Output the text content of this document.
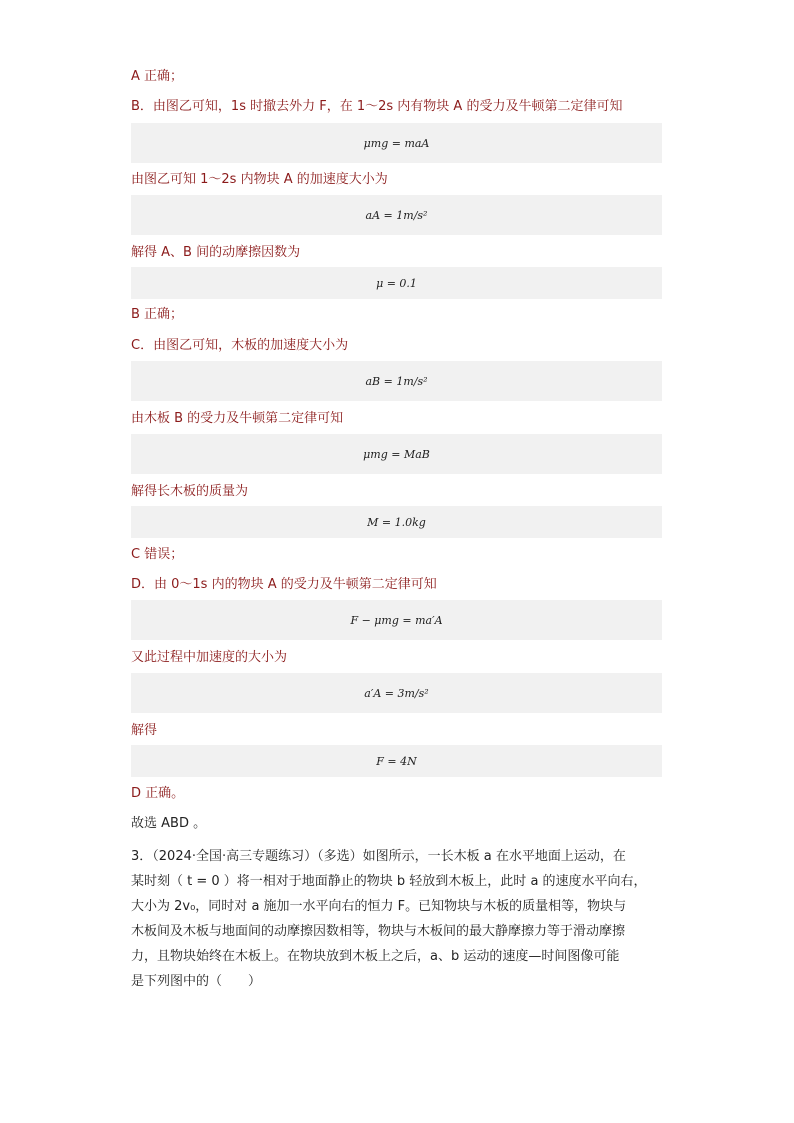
A 正确；
B．由图乙可知，1s 时撤去外力 F，在 1～2s 内有物块 A 的受力及牛顿第二定律可知
μmg = maA
由图乙可知 1～2s 内物块 A 的加速度大小为
aA = 1m/s²
解得 A、B 间的动摩擦因数为
μ = 0.1
B 正确；
C．由图乙可知，木板的加速度大小为
aB = 1m/s²
由木板 B 的受力及牛顿第二定律可知
μmg = MaB
解得长木板的质量为
M = 1.0kg
C 错误；
D．由 0～1s 内的物块 A 的受力及牛顿第二定律可知
F − μmg = ma′A
又此过程中加速度的大小为
a′A = 3m/s²
解得
F = 4N
D 正确。
故选 ABD 。

3．（2024·全国·高三专题练习）（多选）如图所示，一长木板 a 在水平地面上运动，在

某时刻（ t = 0 ）将一相对于地面静止的物块 b 轻放到木板上，此时 a 的速度水平向右，

大小为 2v₀，同时对 a 施加一水平向右的恒力 F。已知物块与木板的质量相等，物块与

木板间及木板与地面间的动摩擦因数相等，物块与木板间的最大静摩擦力等于滑动摩擦

力，且物块始终在木板上。在物块放到木板上之后，a、b 运动的速度—时间图像可能

是下列图中的（　　）
